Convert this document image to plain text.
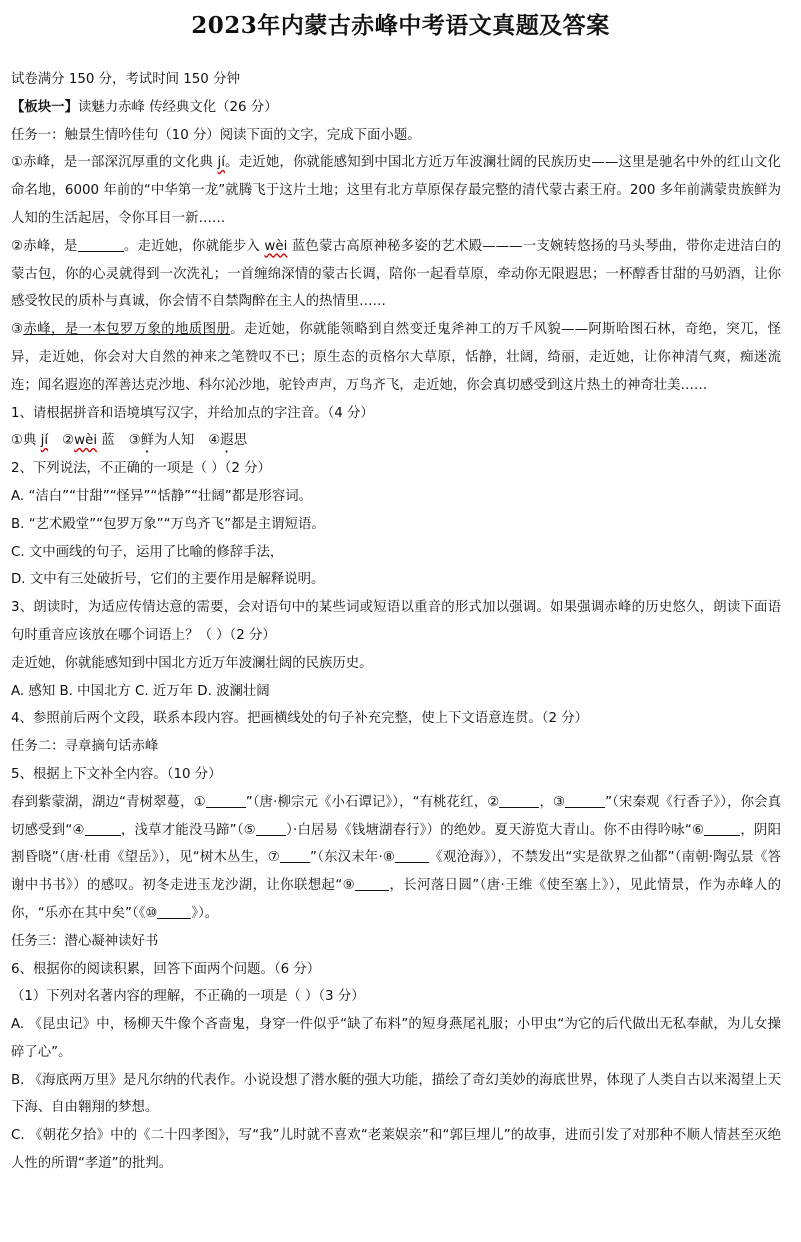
2023年内蒙古赤峰中考语文真题及答案
试卷满分 150 分，考试时间 150 分钟
【板块一】读魅力赤峰 传经典文化（26 分）
任务一：触景生情吟佳句（10 分）阅读下面的文字，完成下面小题。
①赤峰，是一部深沉厚重的文化典 jí。走近她，你就能感知到中国北方近万年波澜壮阔的民族历史——这里是驰名中外的红山文化命名地，6000 年前的“中华第一龙”就腾飞于这片土地；这里有北方草原保存最完整的清代蒙古素王府。200 多年前满蒙贵族鲜为人知的生活起居，令你耳目一新……
②赤峰，是	。走近她，你就能步入 wèi 蓝色蒙古高原神秘多姿的艺术殿———一支婉转悠扬的马头琴曲，带你走进洁白的蒙古包，你的心灵就得到一次洗礼；一首缠绵深情的蒙古长调，陪你一起看草原，牵动你无限遐思；一杯醇香甘甜的马奶酒，让你感受牧民的质朴与真诚，你会情不自禁陶醉在主人的热情里……
③赤峰，是一本包罗万象的地质图册。走近她，你就能领略到自然变迁鬼斧神工的万千风貌——阿斯哈图石林，奇绝，突兀，怪异，走近她，你会对大自然的神来之笔赞叹不已；原生态的贡格尔大草原，恬静，壮阔，绮丽，走近她，让你神清气爽，痴迷流连；闻名遐迩的浑善达克沙地、科尔沁沙地，驼铃声声，万鸟齐飞，走近她，你会真切感受到这片热土的神奇壮美……
1、请根据拼音和语境填写汉字，并给加点的字注音。（4 分）
①典 jí ②wèi 蓝 ③鲜为人知 ④遐思
2、下列说法，不正确的一项是（ ）（2 分）
A. “洁白”“甘甜”“怪异”“恬静”“壮阔”都是形容词。
B. “艺术殿堂”“包罗万象”“万鸟齐飞”都是主谓短语。
C. 文中画线的句子，运用了比喻的修辞手法，
D. 文中有三处破折号，它们的主要作用是解释说明。
3、朗读时，为适应传情达意的需要，会对语句中的某些词或短语以重音的形式加以强调。如果强调赤峰的历史悠久，朗读下面语句时重音应该放在哪个词语上？（ ）（2 分）
走近她，你就能感知到中国北方近万年波澜壮阔的民族历史。
A. 感知 B. 中国北方 C. 近万年 D. 波澜壮阔
4、参照前后两个文段，联系本段内容。把画横线处的句子补充完整，使上下文语意连贯。（2 分）
任务二：寻章摘句话赤峰
5、根据上下文补全内容。（10 分）
春到紫蒙湖，湖边“青树翠蔓，①	”（唐·柳宗元《小石谭记》），“有桃花红，②	，③	”（宋秦观《行香子》），你会真切感受到“④	，浅草才能没马蹄”（⑤ ）·白居易《钱塘湖春行》）的绝妙。夏天游览大青山。你不由得吟咏“⑥	，阴阳割昏晓”（唐·杜甫《望岳》），见“树木丛生，⑦ ”（东汉末年·⑧	《观沧海》），不禁发出“实是欲界之仙都”（南朝·陶弘景《答谢中书书》）的感叹。初冬走进玉龙沙湖，让你联想起“⑨	，长河落日圆”（唐·王维《使至塞上》），见此情景，作为赤峰人的你，“乐亦在其中矣”（《⑩	》）。
任务三：潜心凝神读好书
6、根据你的阅读积累，回答下面两个问题。（6 分）
（1）下列对名著内容的理解，不正确的一项是（ ）（3 分）
A. 《昆虫记》中，杨柳天牛像个吝啬鬼，身穿一件似乎“缺了布料”的短身燕尾礼服；小甲虫“为它的后代做出无私奉献，为儿女操碎了心”。
B. 《海底两万里》是凡尔纳的代表作。小说设想了潜水艇的强大功能，描绘了奇幻美妙的海底世界，体现了人类自古以来渴望上天下海、自由翱翔的梦想。
C. 《朝花夕拾》中的《二十四孝图》，写“我”儿时就不喜欢“老莱娱亲”和“郭巨埋儿”的故事，进而引发了对那种不顺人情甚至灭绝人性的所谓“孝道”的批判。
